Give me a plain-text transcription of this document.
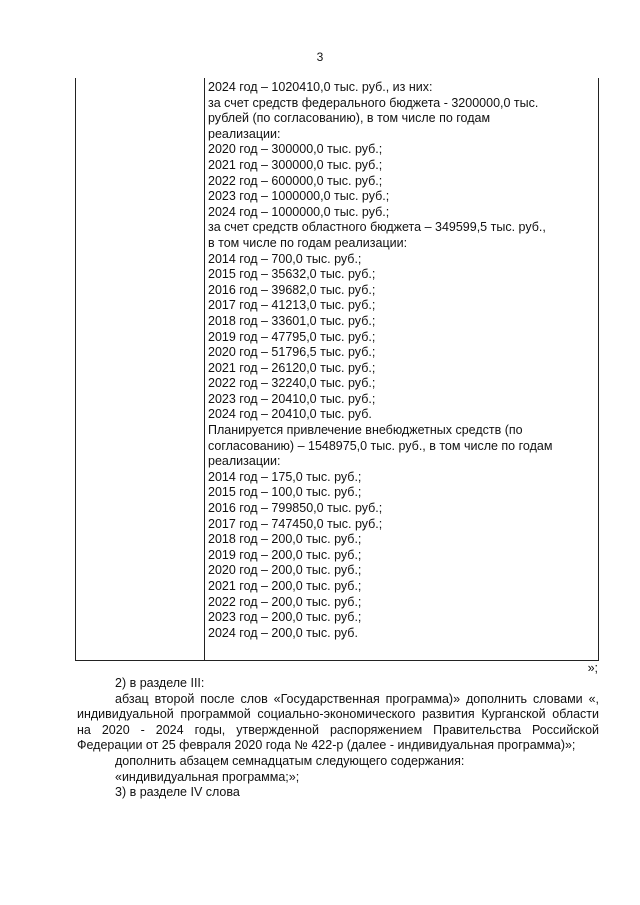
3
2024 год – 1020410,0 тыс. руб., из них:
за счет средств федерального бюджета - 3200000,0 тыс.
рублей (по согласованию), в том числе по годам
реализации:
2020 год – 300000,0 тыс. руб.;
2021 год – 300000,0 тыс. руб.;
2022 год – 600000,0 тыс. руб.;
2023 год – 1000000,0 тыс. руб.;
2024 год – 1000000,0 тыс. руб.;
за счет средств областного бюджета – 349599,5 тыс. руб.,
в том числе по годам реализации:
2014 год – 700,0 тыс. руб.;
2015 год – 35632,0 тыс. руб.;
2016 год – 39682,0 тыс. руб.;
2017 год – 41213,0 тыс. руб.;
2018 год – 33601,0 тыс. руб.;
2019 год – 47795,0 тыс. руб.;
2020 год – 51796,5 тыс. руб.;
2021 год – 26120,0 тыс. руб.;
2022 год – 32240,0 тыс. руб.;
2023 год – 20410,0 тыс. руб.;
2024 год – 20410,0 тыс. руб.
Планируется привлечение внебюджетных средств (по
согласованию) – 1548975,0 тыс. руб., в том числе по годам
реализации:
2014 год – 175,0 тыс. руб.;
2015 год – 100,0 тыс. руб.;
2016 год – 799850,0 тыс. руб.;
2017 год – 747450,0 тыс. руб.;
2018 год – 200,0 тыс. руб.;
2019 год – 200,0 тыс. руб.;
2020 год – 200,0 тыс. руб.;
2021 год – 200,0 тыс. руб.;
2022 год – 200,0 тыс. руб.;
2023 год – 200,0 тыс. руб.;
2024 год – 200,0 тыс. руб.
»;

2) в разделе III:

абзац второй после слов «Государственная программа)» дополнить словами «, индивидуальной программой социально-экономического развития Курганской области на 2020 - 2024 годы, утвержденной распоряжением Правительства Российской Федерации от 25 февраля 2020 года № 422-р (далее - индивидуальная программа)»;

дополнить абзацем семнадцатым следующего содержания:

«индивидуальная программа;»;

3) в разделе IV слова
